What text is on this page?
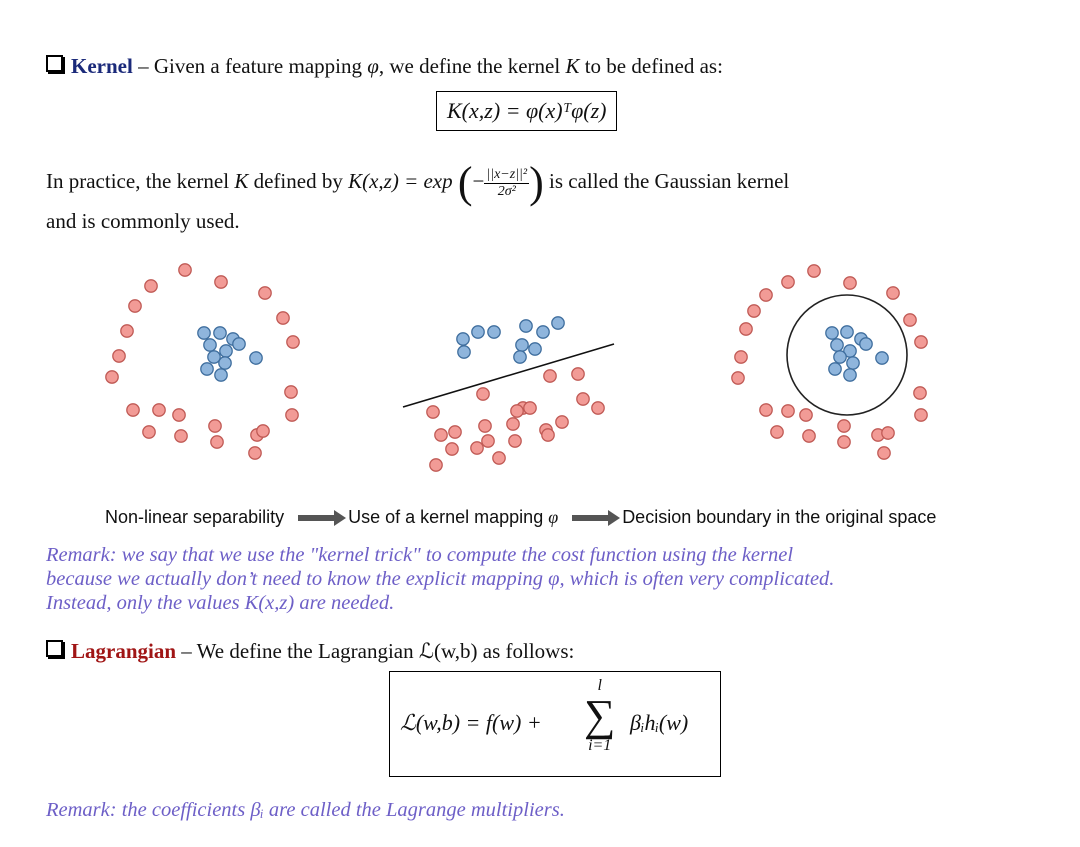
Kernel – Given a feature mapping φ, we define the kernel K to be defined as:
K(x,z) = φ(x)ᵀφ(z)
In practice, the kernel K defined by K(x,z) = exp (− $\frac{\text{||x−z||²}}{\text{2σ²}}$ ) is called the Gaussian kernel
and is commonly used.
Non-linear separability	Use of a kernel mapping φ	Decision boundary in the original space
Remark: we say that we use the "kernel trick" to compute the cost function using the kernel
because we actually don’t need to know the explicit mapping φ, which is often very complicated.
Instead, only the values K(x,z) are needed.
Lagrangian – We define the Lagrangian ℒ(w,b) as follows:
ℒ(w,b) = f(w) +
l
∑
i=1
βᵢhᵢ(w)
Remark: the coefficients βᵢ are called the Lagrange multipliers.
